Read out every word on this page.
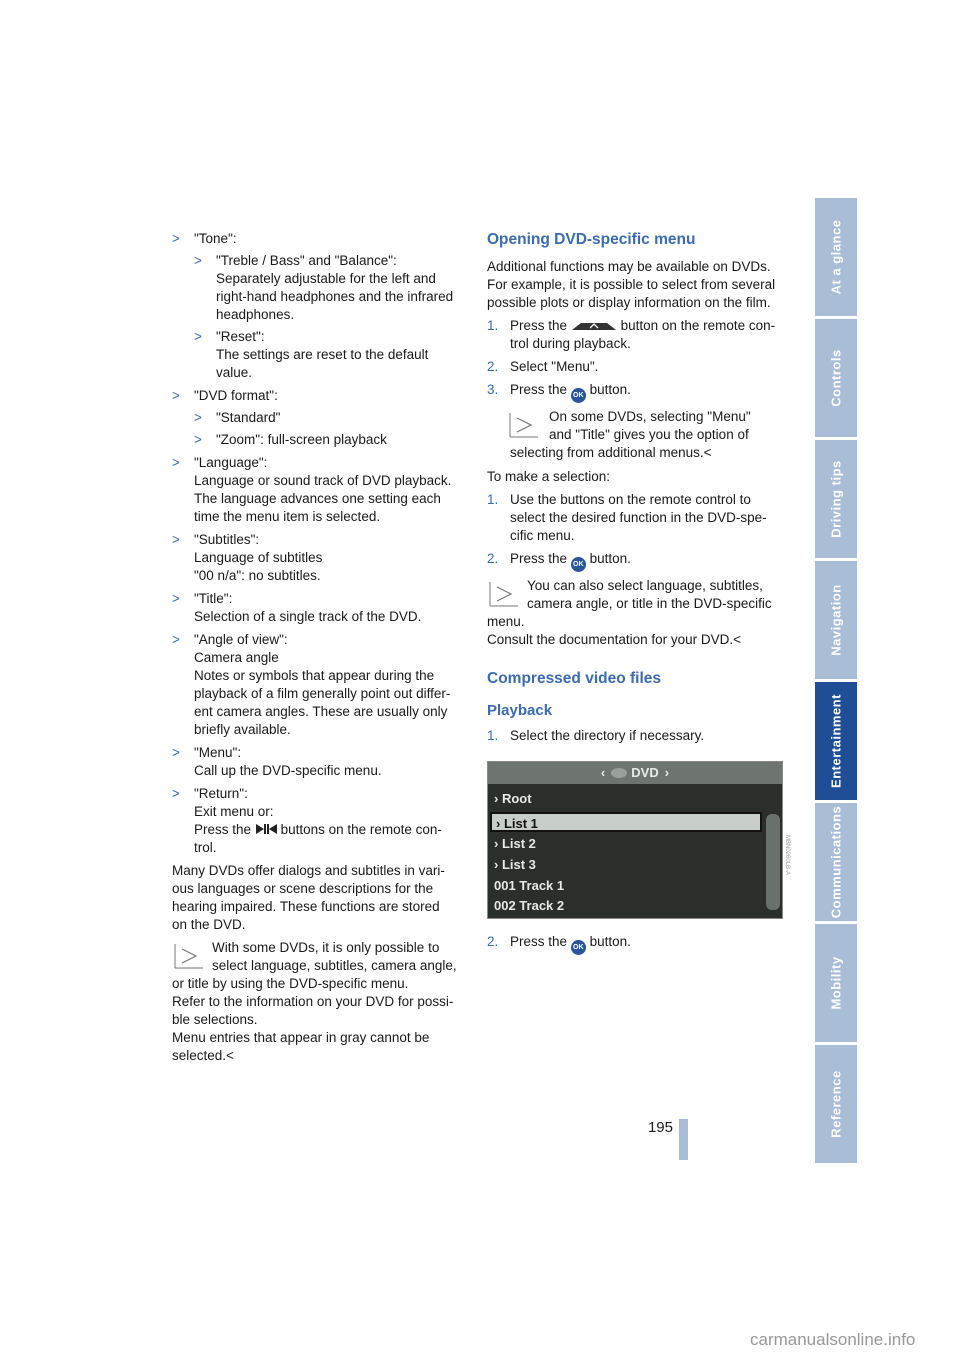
At a glance
Controls
Driving tips
Navigation
Entertainment
Communications
Mobility
Reference
> "Tone":
> "Treble / Bass" and "Balance":
Separately adjustable for the left and
right-hand headphones and the infrared
headphones.
> "Reset":
The settings are reset to the default
value.
> "DVD format":
> "Standard"
> "Zoom": full-screen playback
> "Language":
Language or sound track of DVD playback.
The language advances one setting each
time the menu item is selected.
> "Subtitles":
Language of subtitles
"00 n/a": no subtitles.
> "Title":
Selection of a single track of the DVD.
> "Angle of view":
Camera angle
Notes or symbols that appear during the
playback of a film generally point out differ-
ent camera angles. These are usually only
briefly available.
> "Menu":
Call up the DVD-specific menu.
> "Return":
Exit menu or:
Press the buttons on the remote con-
trol.

Many DVDs offer dialogs and subtitles in vari-
ous languages or scene descriptions for the
hearing impaired. These functions are stored
on the DVD.

With some DVDs, it is only possible to
select language, subtitles, camera angle,
or title by using the DVD-specific menu.
Refer to the information on your DVD for possi-
ble selections.
Menu entries that appear in gray cannot be
selected.<
Opening DVD-specific menu

Additional functions may be available on DVDs.
For example, it is possible to select from several
possible plots or display information on the film.

1. Press the	button on the remote con-
trol during playback.
2. Select "Menu".
3. Press the OK button.
On some DVDs, selecting "Menu"
and "Title" gives you the option of
selecting from additional menus.<

To make a selection:

1. Use the buttons on the remote control to
select the desired function in the DVD-spe-
cific menu.
2. Press the OK button.
You can also select language, subtitles,
camera angle, or title in the DVD-specific
menu.
Consult the documentation for your DVD.<
Compressed video files
Playback
1. Select the directory if necessary.
‹ DVD ›
› Root
› List 1
› List 2
› List 3
001 Track 1
002 Track 2
2. Press the OK button.
MBN0260LB-A
195
carmanualsonline.info
